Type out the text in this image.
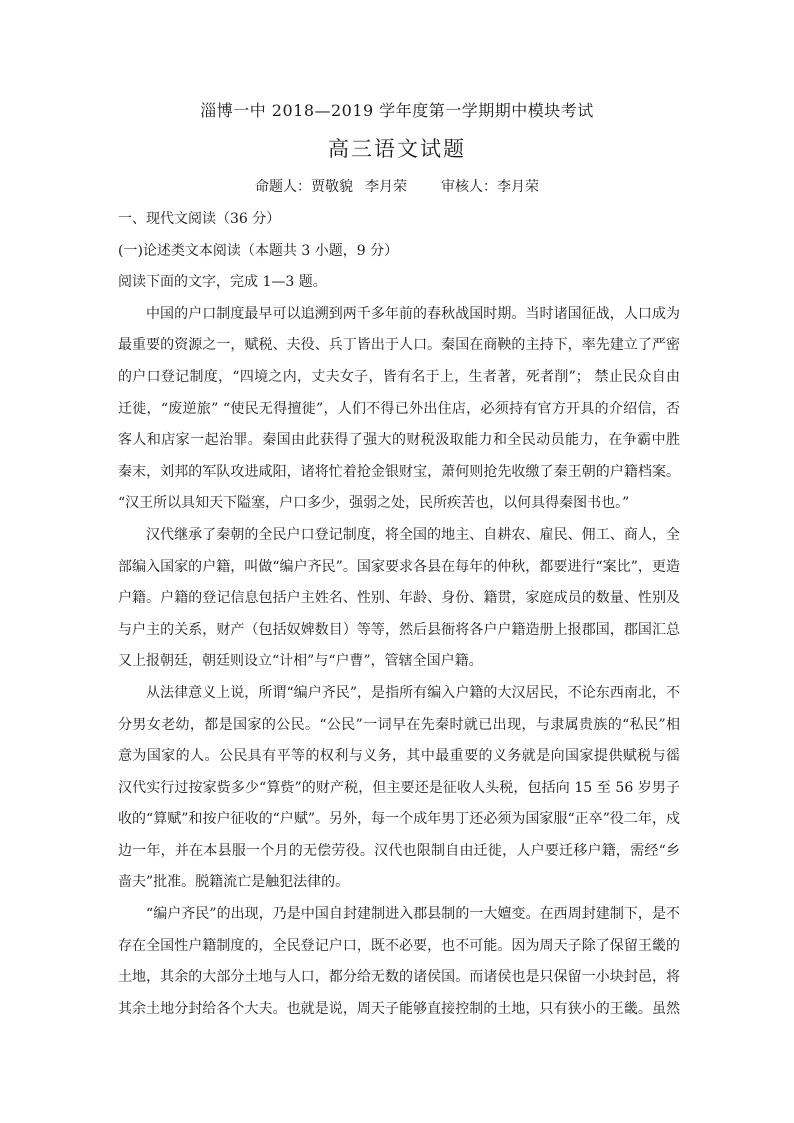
淄博一中 2018—2019 学年度第一学期期中模块考试
高三语文试题
命题人：贾敬貌 李月荣 审核人：李月荣
一、现代文阅读（36 分）
(一)论述类文本阅读（本题共 3 小题，9 分）
阅读下面的文字，完成 1—3 题。
中国的户口制度最早可以追溯到两千多年前的春秋战国时期。当时诸国征战，人口成为
最重要的资源之一，赋税、夫役、兵丁皆出于人口。秦国在商鞅的主持下，率先建立了严密
的户口登记制度，“四境之内，丈夫女子，皆有名于上，生者著，死者削”； 禁止民众自由
迁徙，“废逆旅” “使民无得擅徙”，人们不得已外出住店，必须持有官方开具的介绍信，否
客人和店家一起治罪。秦国由此获得了强大的财税汲取能力和全民动员能力，在争霸中胜
秦末，刘邦的军队攻进咸阳，诸将忙着抢金银财宝，萧何则抢先收缴了秦王朝的户籍档案。
“汉王所以具知天下隘塞，户口多少，强弱之处，民所疾苦也，以何具得秦图书也。”
汉代继承了秦朝的全民户口登记制度，将全国的地主、自耕农、雇民、佣工、商人，全
部编入国家的户籍，叫做“编户齐民”。国家要求各县在每年的仲秋，都要进行“案比”，更造
户籍。户籍的登记信息包括户主姓名、性别、年龄、身份、籍贯，家庭成员的数量、性别及
与户主的关系，财产（包括奴婢数目）等等，然后县衙将各户户籍造册上报郡国，郡国汇总
又上报朝廷，朝廷则设立“计相”与“户曹”，管辖全国户籍。
从法律意义上说，所谓“编户齐民”，是指所有编入户籍的大汉居民，不论东西南北，不
分男女老幼，都是国家的公民。“公民”一词早在先秦时就已出现，与隶属贵族的“私民”相
意为国家的人。公民具有平等的权利与义务，其中最重要的义务就是向国家提供赋税与徭
汉代实行过按家赀多少“算赀”的财产税，但主要还是征收人头税，包括向 15 至 56 岁男子
收的“算赋”和按户征收的“户赋”。另外，每一个成年男丁还必须为国家服“正卒”役二年，戍
边一年，并在本县服一个月的无偿劳役。汉代也限制自由迁徙，人户要迁移户籍，需经“乡
啬夫”批准。脱籍流亡是触犯法律的。
“编户齐民”的出现，乃是中国自封建制进入郡县制的一大嬗变。在西周封建制下，是不
存在全国性户籍制度的，全民登记户口，既不必要，也不可能。因为周天子除了保留王畿的
土地，其余的大部分土地与人口，都分给无数的诸侯国。而诸侯也是只保留一小块封邑，将
其余土地分封给各个大夫。也就是说，周天子能够直接控制的土地，只有狭小的王畿。虽然
